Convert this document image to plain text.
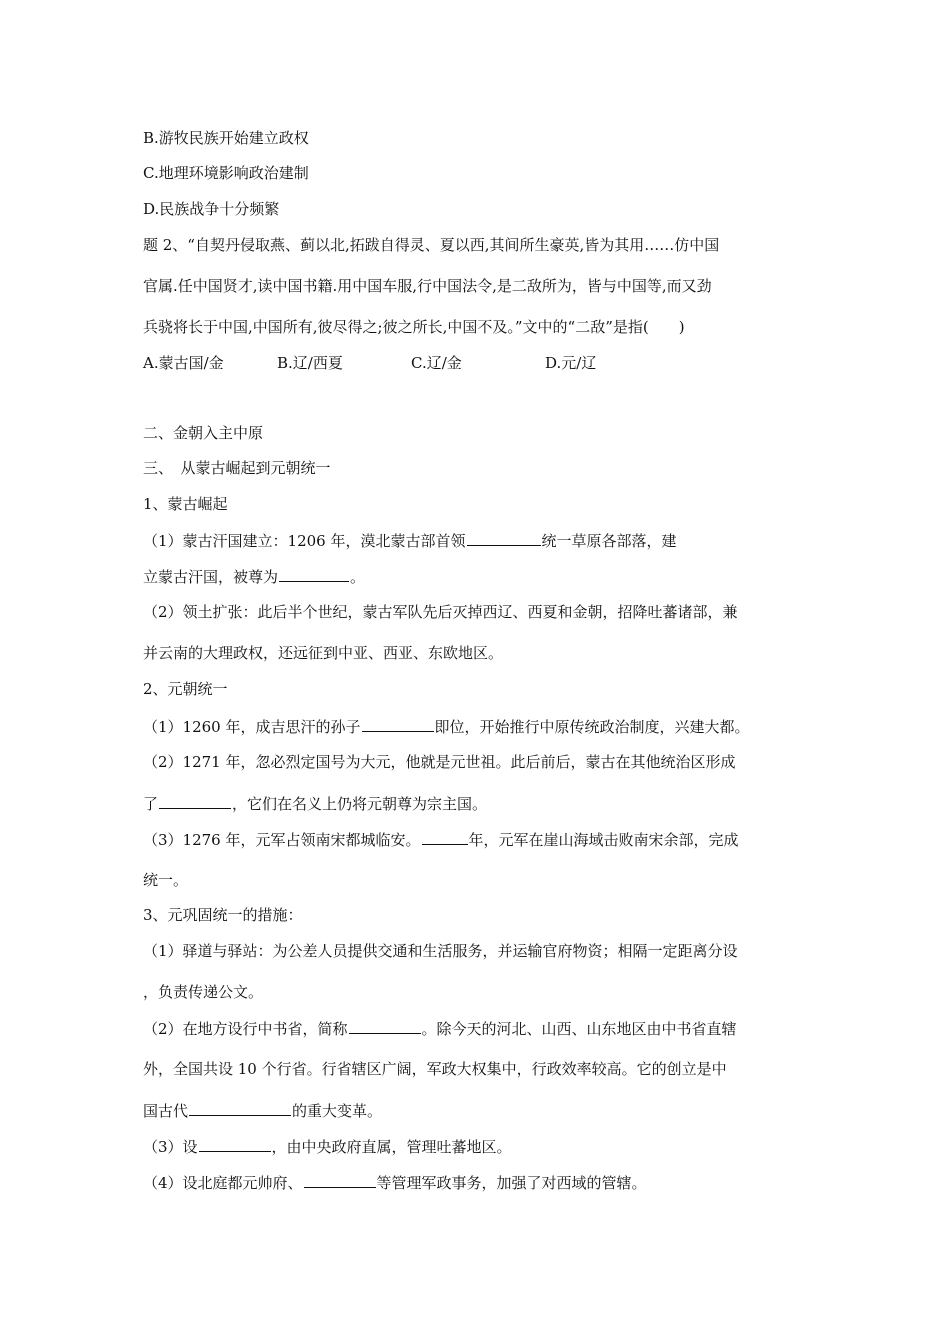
B.游牧民族开始建立政权
C.地理环境影响政治建制
D.民族战争十分频繁
题 2、“自契丹侵取燕、蓟以北,拓跋自得灵、夏以西,其间所生豪英,皆为其用……仿中国
官属.任中国贤才,读中国书籍.用中国车服,行中国法令,是二敌所为，皆与中国等,而又劲
兵骁将长于中国,中国所有,彼尽得之;彼之所长,中国不及。”文中的“二敌”是指(　　)
A.蒙古国/金	B.辽/西夏	C.辽/金	D.元/辽
二、金朝入主中原
三、　从蒙古崛起到元朝统一
1、蒙古崛起
（1）蒙古汗国建立：1206 年，漠北蒙古部首领	统一草原各部落，建
立蒙古汗国，被尊为	。
（2）领土扩张：此后半个世纪，蒙古军队先后灭掉西辽、西夏和金朝，招降吐蕃诸部，兼
并云南的大理政权，还远征到中亚、西亚、东欧地区。
2、元朝统一
（1）1260 年，成吉思汗的孙子	即位，开始推行中原传统政治制度，兴建大都。
（2）1271 年，忽必烈定国号为大元，他就是元世祖。此后前后，蒙古在其他统治区形成
了	，它们在名义上仍将元朝尊为宗主国。
（3）1276 年，元军占领南宋都城临安。	年，元军在崖山海域击败南宋余部，完成
统一。
3、元巩固统一的措施：
（1）驿道与驿站：为公差人员提供交通和生活服务，并运输官府物资；相隔一定距离分设
，负责传递公文。
（2）在地方设行中书省，简称	。除今天的河北、山西、山东地区由中书省直辖
外，全国共设 10 个行省。行省辖区广阔，军政大权集中，行政效率较高。它的创立是中
国古代	的重大变革。
（3）设	，由中央政府直属，管理吐蕃地区。
（4）设北庭都元帅府、	等管理军政事务，加强了对西域的管辖。
